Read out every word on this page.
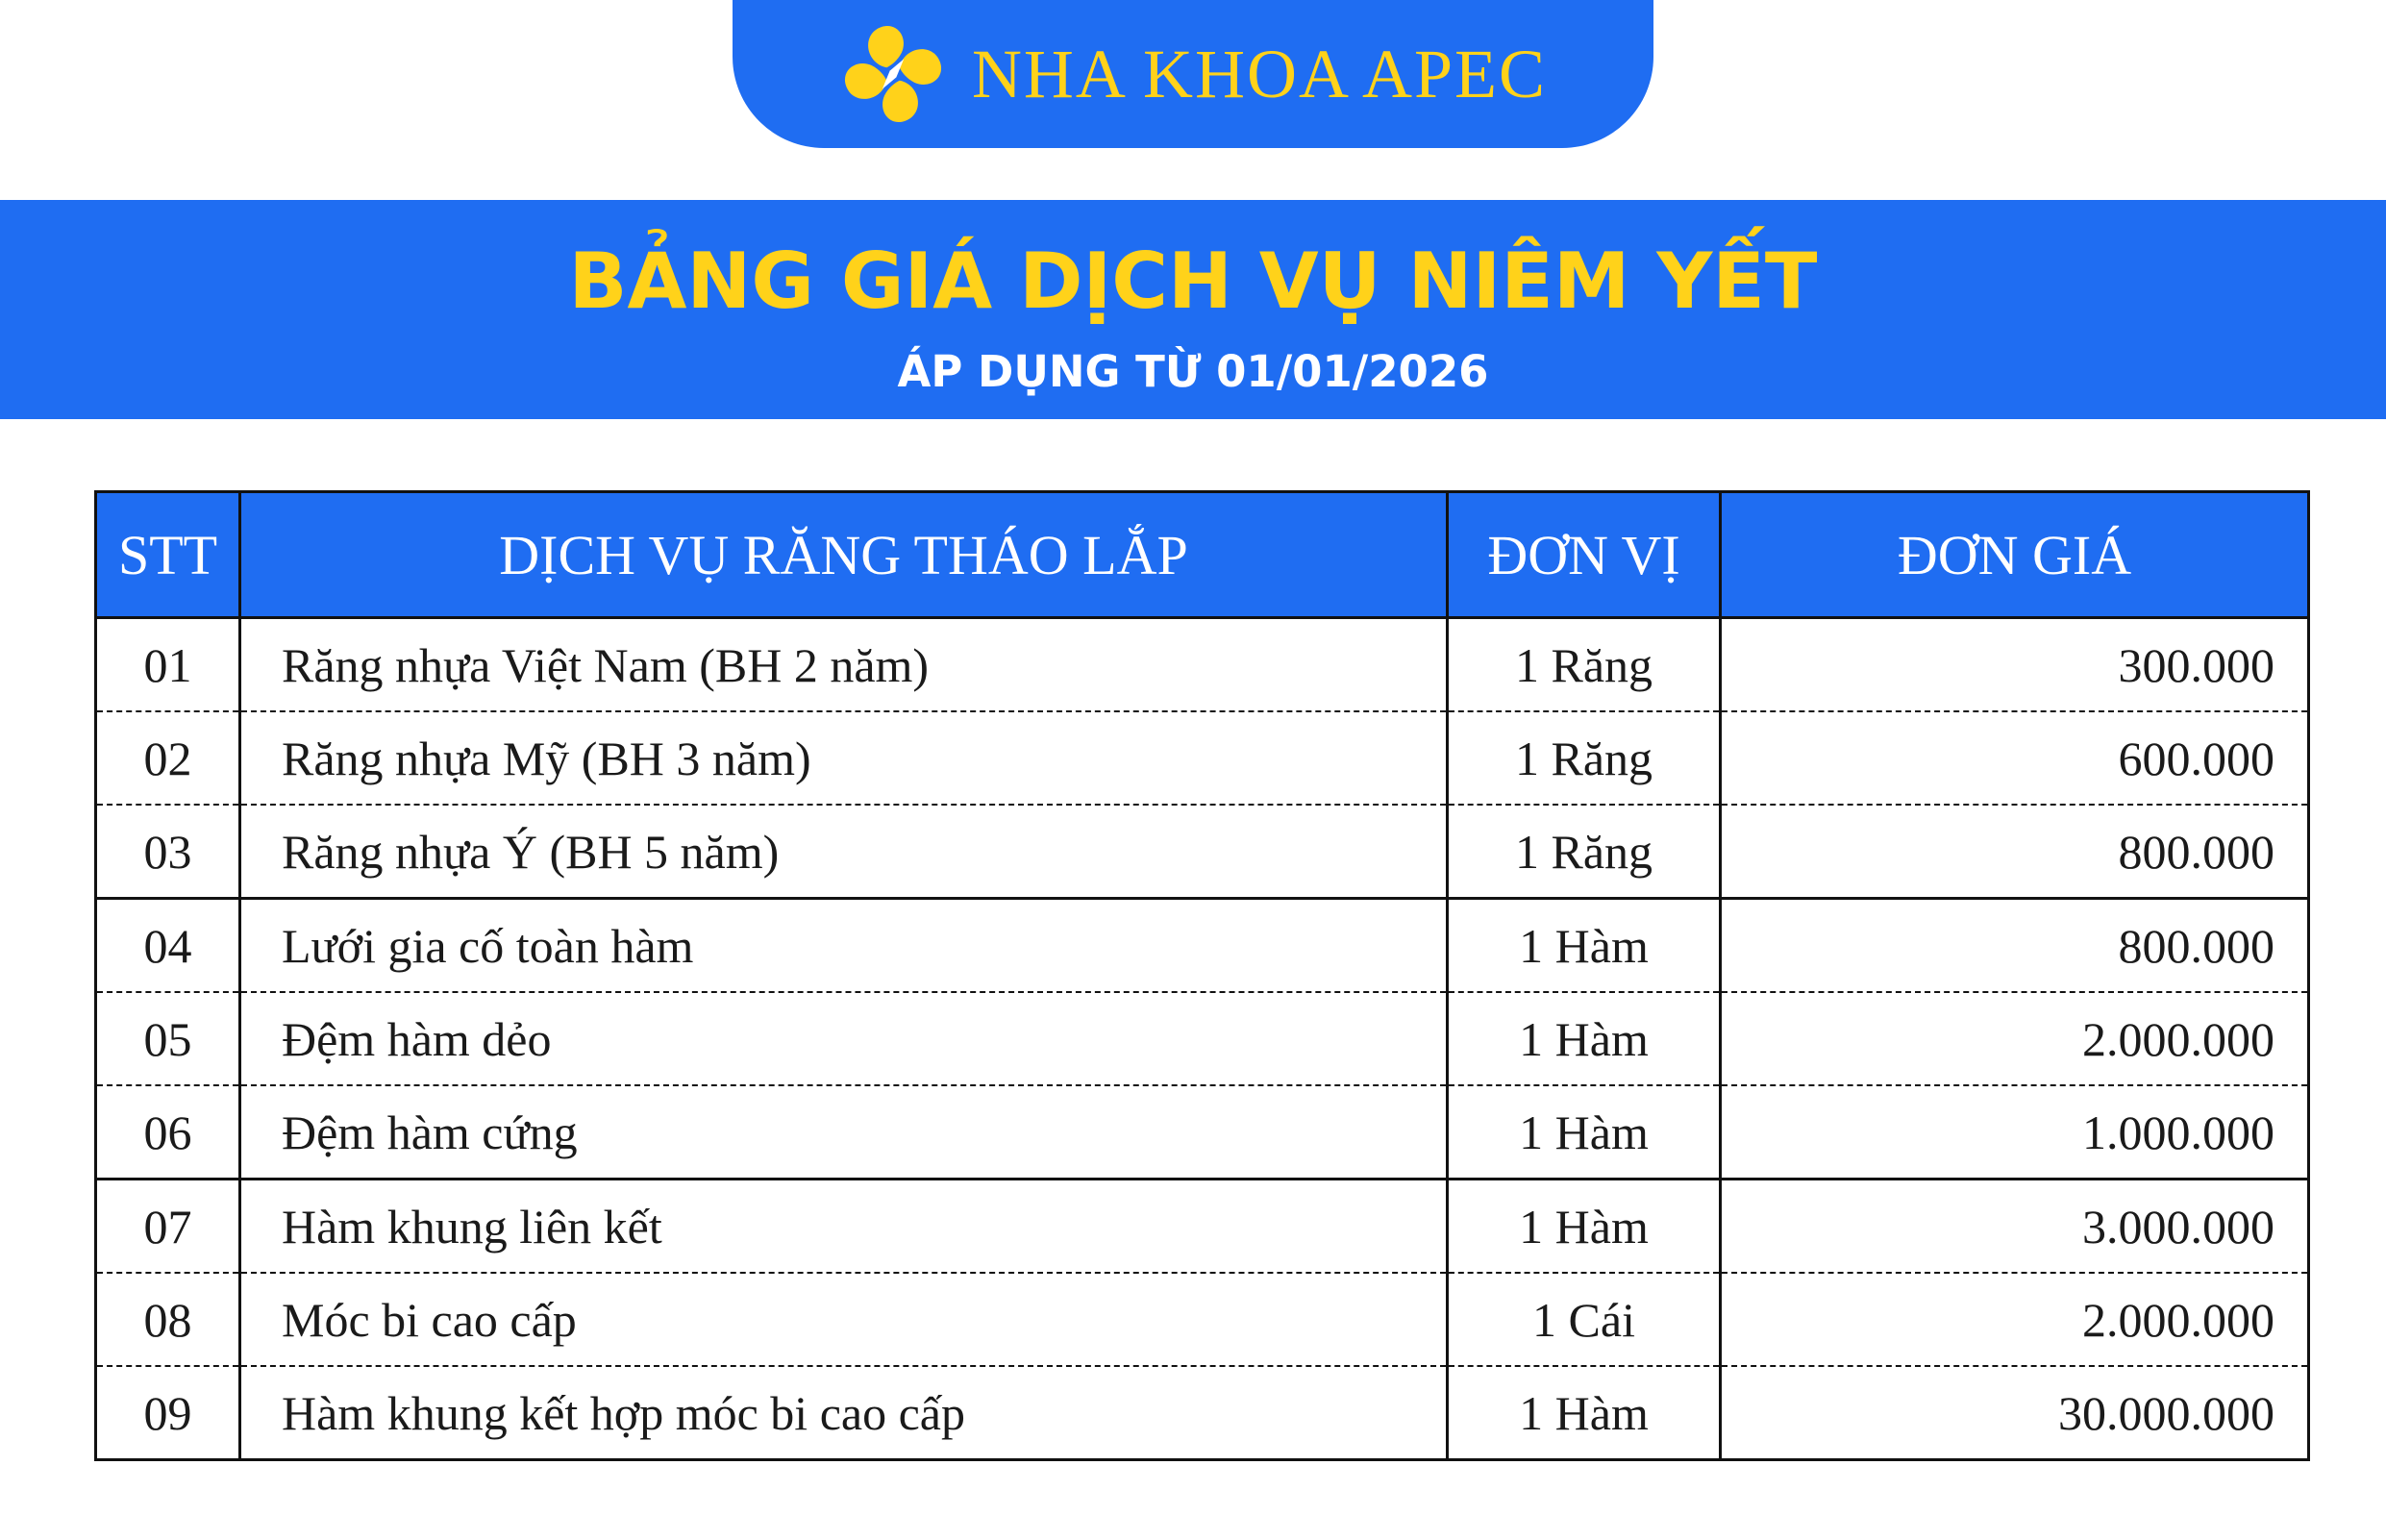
NHA KHOA APEC
BẢNG GIÁ DỊCH VỤ NIÊM YẾT
ÁP DỤNG TỪ 01/01/2026
STT	DỊCH VỤ RĂNG THÁO LẮP	ĐƠN VỊ	ĐƠN GIÁ
01	Răng nhựa Việt Nam (BH 2 năm)	1 Răng	300.000
02	Răng nhựa Mỹ (BH 3 năm)	1 Răng	600.000
03	Răng nhựa Ý (BH 5 năm)	1 Răng	800.000
04	Lưới gia cố toàn hàm	1 Hàm	800.000
05	Đệm hàm dẻo	1 Hàm	2.000.000
06	Đệm hàm cứng	1 Hàm	1.000.000
07	Hàm khung liên kết	1 Hàm	3.000.000
08	Móc bi cao cấp	1 Cái	2.000.000
09	Hàm khung kết hợp móc bi cao cấp	1 Hàm	30.000.000
